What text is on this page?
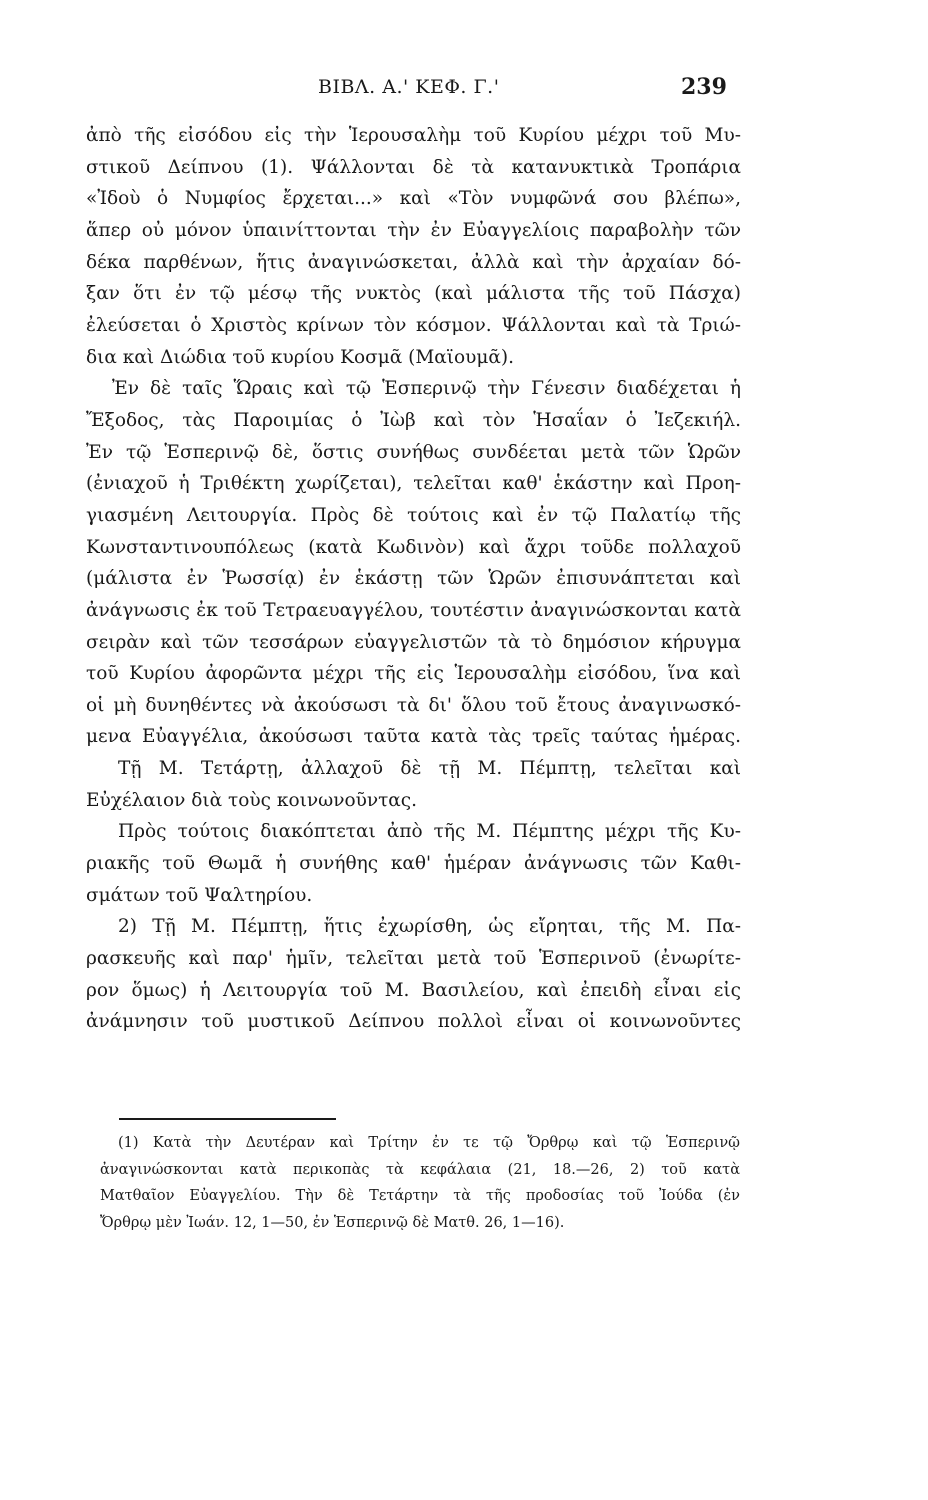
ΒΙΒΛ. Α.' ΚΕΦ. Γ.'	239
ἀπὸ τῆς εἰσόδου εἰς τὴν Ἱερουσαλὴμ τοῦ Κυρίου μέχρι τοῦ Μυ-
στικοῦ Δείπνου (1). Ψάλλονται δὲ τὰ κατανυκτικὰ Τροπάρια
«Ἰδοὺ ὁ Νυμφίος ἔρχεται...» καὶ «Τὸν νυμφῶνά σου βλέπω»,
ἅπερ οὐ μόνον ὑπαινίττονται τὴν ἐν Εὐαγγελίοις παραβολὴν τῶν
δέκα παρθένων, ἥτις ἀναγινώσκεται, ἀλλὰ καὶ τὴν ἀρχαίαν δό-
ξαν ὅτι ἐν τῷ μέσῳ τῆς νυκτὸς (καὶ μάλιστα τῆς τοῦ Πάσχα)
ἐλεύσεται ὁ Χριστὸς κρίνων τὸν κόσμον. Ψάλλονται καὶ τὰ Τριώ-
δια καὶ Διώδια τοῦ κυρίου Κοσμᾶ (Μαϊουμᾶ).
Ἐν δὲ ταῖς Ὥραις καὶ τῷ Ἑσπερινῷ τὴν Γένεσιν διαδέχεται ἡ
Ἔξοδος, τὰς Παροιμίας ὁ Ἰὼβ καὶ τὸν Ἡσαΐαν ὁ Ἰεζεκιήλ.
Ἐν τῷ Ἑσπερινῷ δὲ, ὅστις συνήθως συνδέεται μετὰ τῶν Ὡρῶν
(ἐνιαχοῦ ἡ Τριθέκτη χωρίζεται), τελεῖται καθ' ἑκάστην καὶ Προη-
γιασμένη Λειτουργία. Πρὸς δὲ τούτοις καὶ ἐν τῷ Παλατίῳ τῆς
Κωνσταντινουπόλεως (κατὰ Κωδινὸν) καὶ ἄχρι τοῦδε πολλαχοῦ
(μάλιστα ἐν Ῥωσσίᾳ) ἐν ἑκάστῃ τῶν Ὡρῶν ἐπισυνάπτεται καὶ
ἀνάγνωσις ἐκ τοῦ Τετραευαγγέλου, τουτέστιν ἀναγινώσκονται κατὰ
σειρὰν καὶ τῶν τεσσάρων εὐαγγελιστῶν τὰ τὸ δημόσιον κήρυγμα
τοῦ Κυρίου ἀφορῶντα μέχρι τῆς εἰς Ἱερουσαλὴμ εἰσόδου, ἵνα καὶ
οἱ μὴ δυνηθέντες νὰ ἀκούσωσι τὰ δι' ὅλου τοῦ ἔτους ἀναγινωσκό-
μενα Εὐαγγέλια, ἀκούσωσι ταῦτα κατὰ τὰς τρεῖς ταύτας ἡμέρας.
Τῇ Μ. Τετάρτῃ, ἀλλαχοῦ δὲ τῇ Μ. Πέμπτῃ, τελεῖται καὶ
Εὐχέλαιον διὰ τοὺς κοινωνοῦντας.
Πρὸς τούτοις διακόπτεται ἀπὸ τῆς Μ. Πέμπτης μέχρι τῆς Κυ-
ριακῆς τοῦ Θωμᾶ ἡ συνήθης καθ' ἡμέραν ἀνάγνωσις τῶν Καθι-
σμάτων τοῦ Ψαλτηρίου.
2) Τῇ Μ. Πέμπτῃ, ἥτις ἐχωρίσθη, ὡς εἴρηται, τῆς Μ. Πα-
ρασκευῆς καὶ παρ' ἡμῖν, τελεῖται μετὰ τοῦ Ἑσπερινοῦ (ἐνωρίτε-
ρον ὅμως) ἡ Λειτουργία τοῦ Μ. Βασιλείου, καὶ ἐπειδὴ εἶναι εἰς
ἀνάμνησιν τοῦ μυστικοῦ Δείπνου πολλοὶ εἶναι οἱ κοινωνοῦντες
(1) Κατὰ τὴν Δευτέραν καὶ Τρίτην ἐν τε τῷ Ὄρθρῳ καὶ τῷ Ἑσπερινῷ
ἀναγινώσκονται κατὰ περικοπὰς τὰ κεφάλαια (21, 18.—26, 2) τοῦ κατὰ
Ματθαῖον Εὐαγγελίου. Τὴν δὲ Τετάρτην τὰ τῆς προδοσίας τοῦ Ἰούδα (ἐν
Ὄρθρῳ μὲν Ἰωάν. 12, 1—50, ἐν Ἑσπερινῷ δὲ Ματθ. 26, 1—16).
